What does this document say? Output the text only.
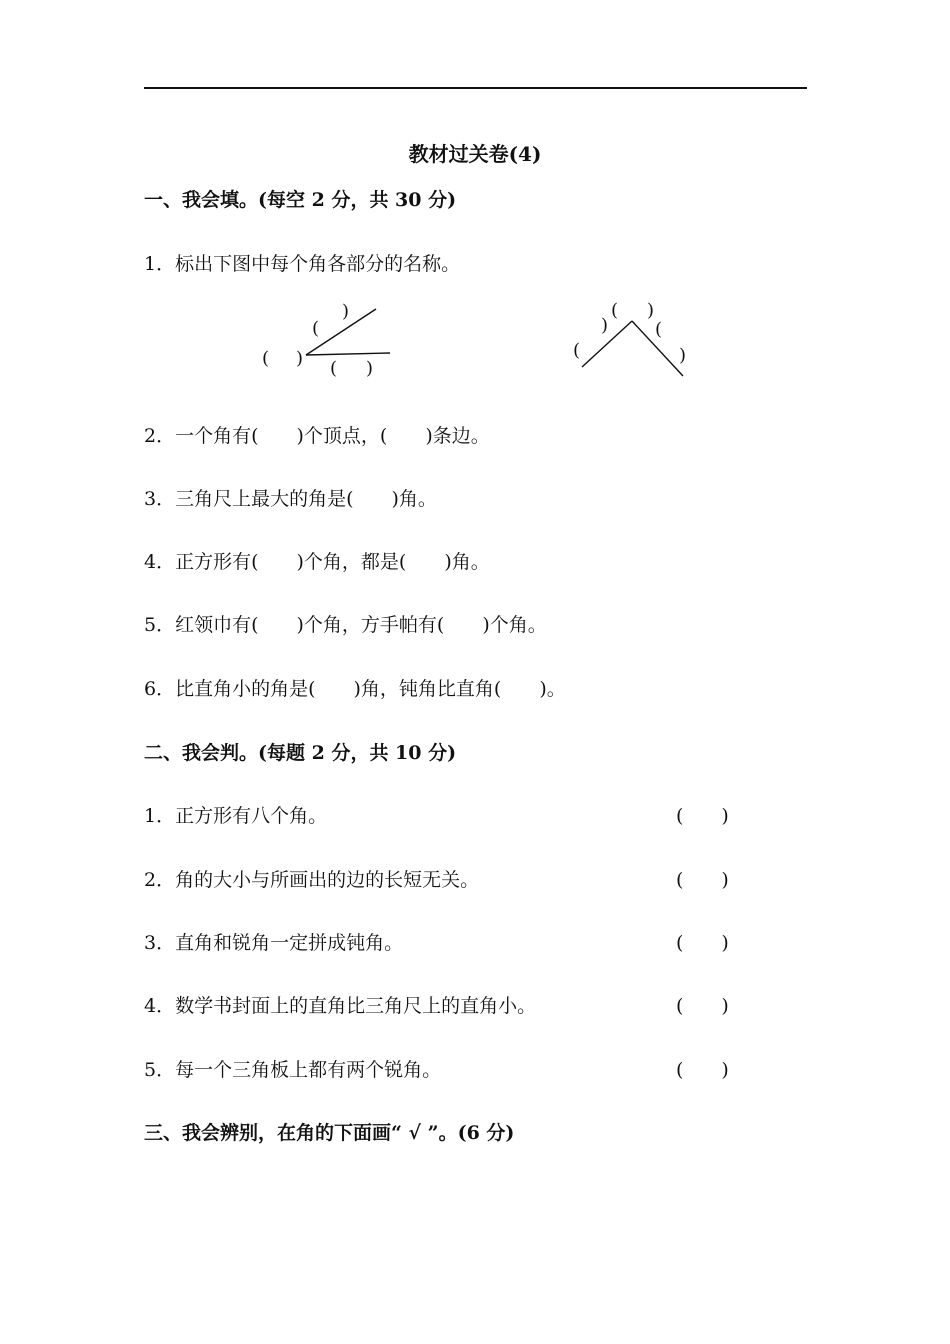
教材过关卷(4)
一、我会填。(每空 2 分，共 30 分)
1．标出下图中每个角各部分的名称。
( )
(
)
( )
( )
)	(
(	)
2．一个角有(　　)个顶点，(　　)条边。
3．三角尺上最大的角是(　　)角。
4．正方形有(　　)个角，都是(　　)角。
5．红领巾有(　　)个角，方手帕有(　　)个角。
6．比直角小的角是(　　)角，钝角比直角(　　)。
二、我会判。(每题 2 分，共 10 分)
1．正方形有八个角。	(　　)
2．角的大小与所画出的边的长短无关。	(　　)
3．直角和锐角一定拼成钝角。	(　　)
4．数学书封面上的直角比三角尺上的直角小。	(　　)
5．每一个三角板上都有两个锐角。	(　　)
三、我会辨别，在角的下面画“ √ ”。(6 分)
